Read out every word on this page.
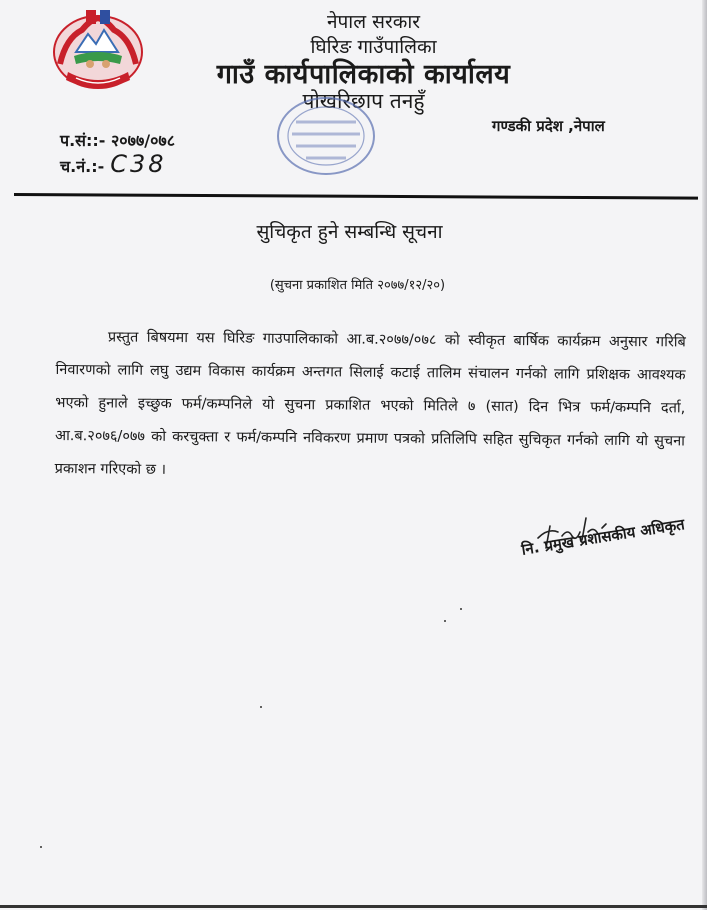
नेपाल सरकार
घिरिङ गाउँपालिका
गाउँ कार्यपालिकाको कार्यालय
पोखरिछाप तनहुँ
गण्डकी प्रदेश ,नेपाल
प.सं::- २०७७/०७८
च.नं.:- C38
सुचिकृत हुने सम्बन्धि सूचना
(सुचना प्रकाशित मिति २०७७/१२/२०)
प्रस्तुत बिषयमा यस घिरिङ गाउपालिकाको आ.ब.२०७७/०७८ को स्वीकृत बार्षिक कार्यक्रम अनुसार गरिबि निवारणको लागि लघु उद्यम विकास कार्यक्रम अन्तगत सिलाई कटाई तालिम संचालन गर्नको लागि प्रशिक्षक आवश्यक भएको हुनाले इच्छुक फर्म/कम्पनिले यो सुचना प्रकाशित भएको मितिले ७ (सात) दिन भित्र फर्म/कम्पनि दर्ता, आ.ब.२०७६/०७७ को करचुक्ता र फर्म/कम्पनि नविकरण प्रमाण पत्रको प्रतिलिपि सहित सुचिकृत गर्नको लागि यो सुचना प्रकाशन गरिएको छ ।
नि. प्रमुख प्रशासकीय अधिकृत
